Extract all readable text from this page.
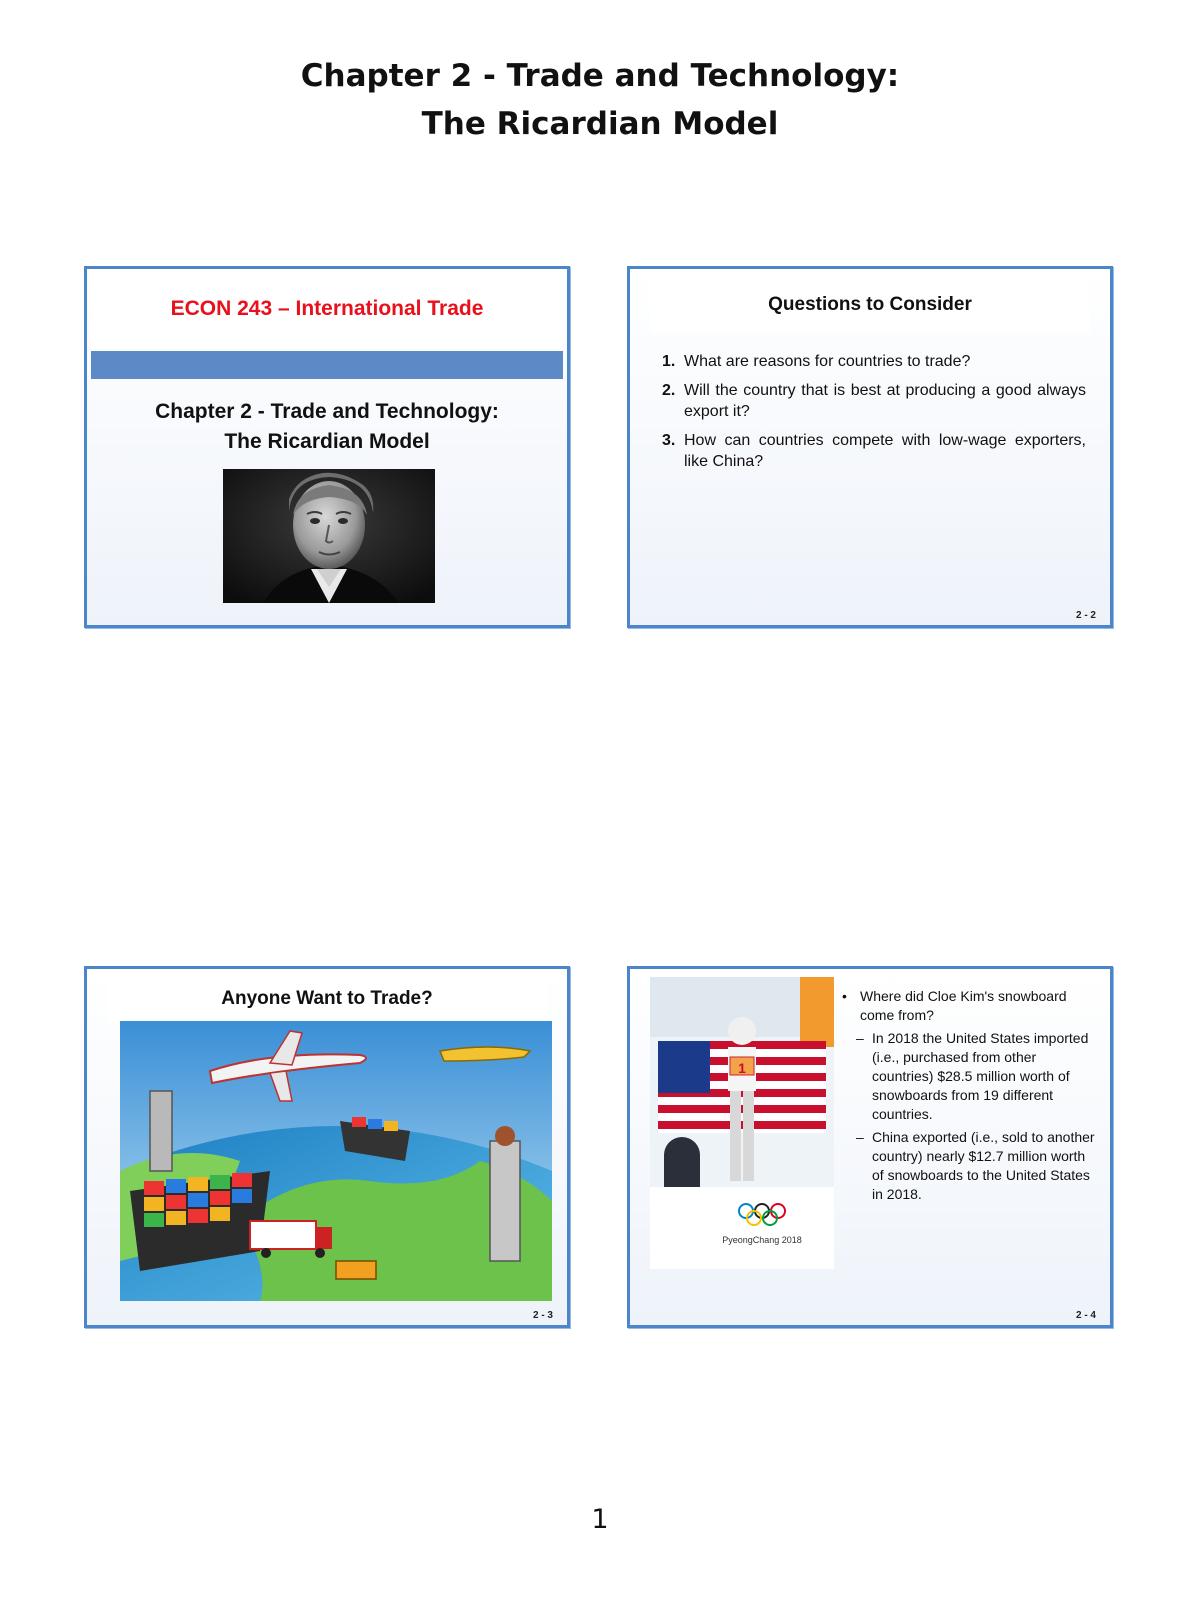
Chapter 2 - Trade and Technology:
The Ricardian Model
ECON 243 – International Trade
Chapter 2 - Trade and Technology:
The Ricardian Model
Questions to Consider
1. What are reasons for countries to trade?
2. Will the country that is best at producing a good always export it?
3. How can countries compete with low-wage exporters, like China?
2 - 2
Anyone Want to Trade?
2 - 3
1
PyeongChang 2018
• Where did Cloe Kim's snowboard come from?
– In 2018 the United States imported (i.e., purchased from other countries) $28.5 million worth of snowboards from 19 different countries.
– China exported (i.e., sold to another country) nearly $12.7 million worth of snowboards to the United States in 2018.
2 - 4
1
